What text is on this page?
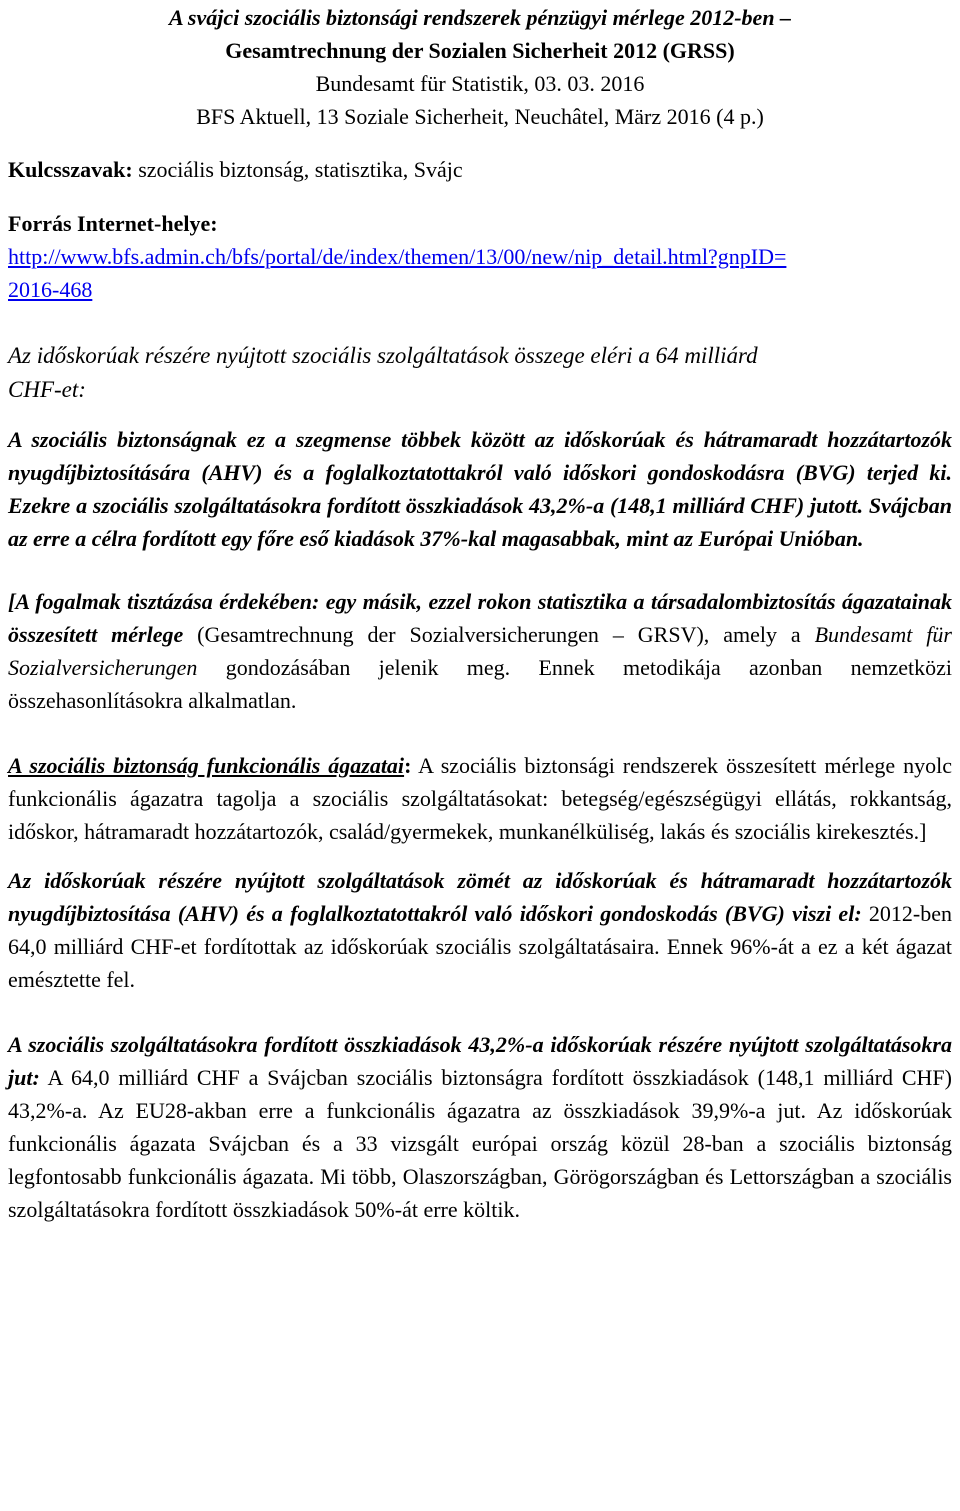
A svájci szociális biztonsági rendszerek pénzügyi mérlege 2012-ben –
Gesamtrechnung der Sozialen Sicherheit 2012 (GRSS)
Bundesamt für Statistik, 03. 03. 2016
BFS Aktuell, 13 Soziale Sicherheit, Neuchâtel, März 2016 (4 p.)
Kulcsszavak: szociális biztonság, statisztika, Svájc
Forrás Internet-helye:
http://www.bfs.admin.ch/bfs/portal/de/index/themen/13/00/new/nip_detail.html?gnpID=
2016-468
Az időskorúak részére nyújtott szociális szolgáltatások összege eléri a 64 milliárd
CHF-et:

A szociális biztonságnak ez a szegmense többek között az időskorúak és hátramaradt hozzátartozók nyugdíjbiztosítására (AHV) és a foglalkoztatottakról való időskori gondoskodásra (BVG) terjed ki. Ezekre a szociális szolgáltatásokra fordított összkiadások 43,2%-a (148,1 milliárd CHF) jutott. Svájcban az erre a célra fordított egy főre eső kiadások 37%-kal magasabbak, mint az Európai Unióban.

[A fogalmak tisztázása érdekében: egy másik, ezzel rokon statisztika a társadalombiztosítás ágazatainak összesített mérlege (Gesamtrechnung der Sozialversicherungen – GRSV), amely a Bundesamt für Sozialversicherungen gondozásában jelenik meg. Ennek metodikája azonban nemzetközi összehasonlításokra alkalmatlan.

A szociális biztonság funkcionális ágazatai: A szociális biztonsági rendszerek összesített mérlege nyolc funkcionális ágazatra tagolja a szociális szolgáltatásokat: betegség/egészségügyi ellátás, rokkantság, időskor, hátramaradt hozzátartozók, család/gyermekek, munkanélküliség, lakás és szociális kirekesztés.]

Az időskorúak részére nyújtott szolgáltatások zömét az időskorúak és hátramaradt hozzátartozók nyugdíjbiztosítása (AHV) és a foglalkoztatottakról való időskori gondoskodás (BVG) viszi el: 2012-ben 64,0 milliárd CHF-et fordítottak az időskorúak szociális szolgáltatásaira. Ennek 96%-át a ez a két ágazat emésztette fel.

A szociális szolgáltatásokra fordított összkiadások 43,2%-a időskorúak részére nyújtott szolgáltatásokra jut: A 64,0 milliárd CHF a Svájcban szociális biztonságra fordított összkiadások (148,1 milliárd CHF) 43,2%-a. Az EU28-akban erre a funkcionális ágazatra az összkiadások 39,9%-a jut. Az időskorúak funkcionális ágazata Svájcban és a 33 vizsgált európai ország közül 28-ban a szociális biztonság legfontosabb funkcionális ágazata. Mi több, Olaszországban, Görögországban és Lettországban a szociális szolgáltatásokra fordított összkiadások 50%-át erre költik.
